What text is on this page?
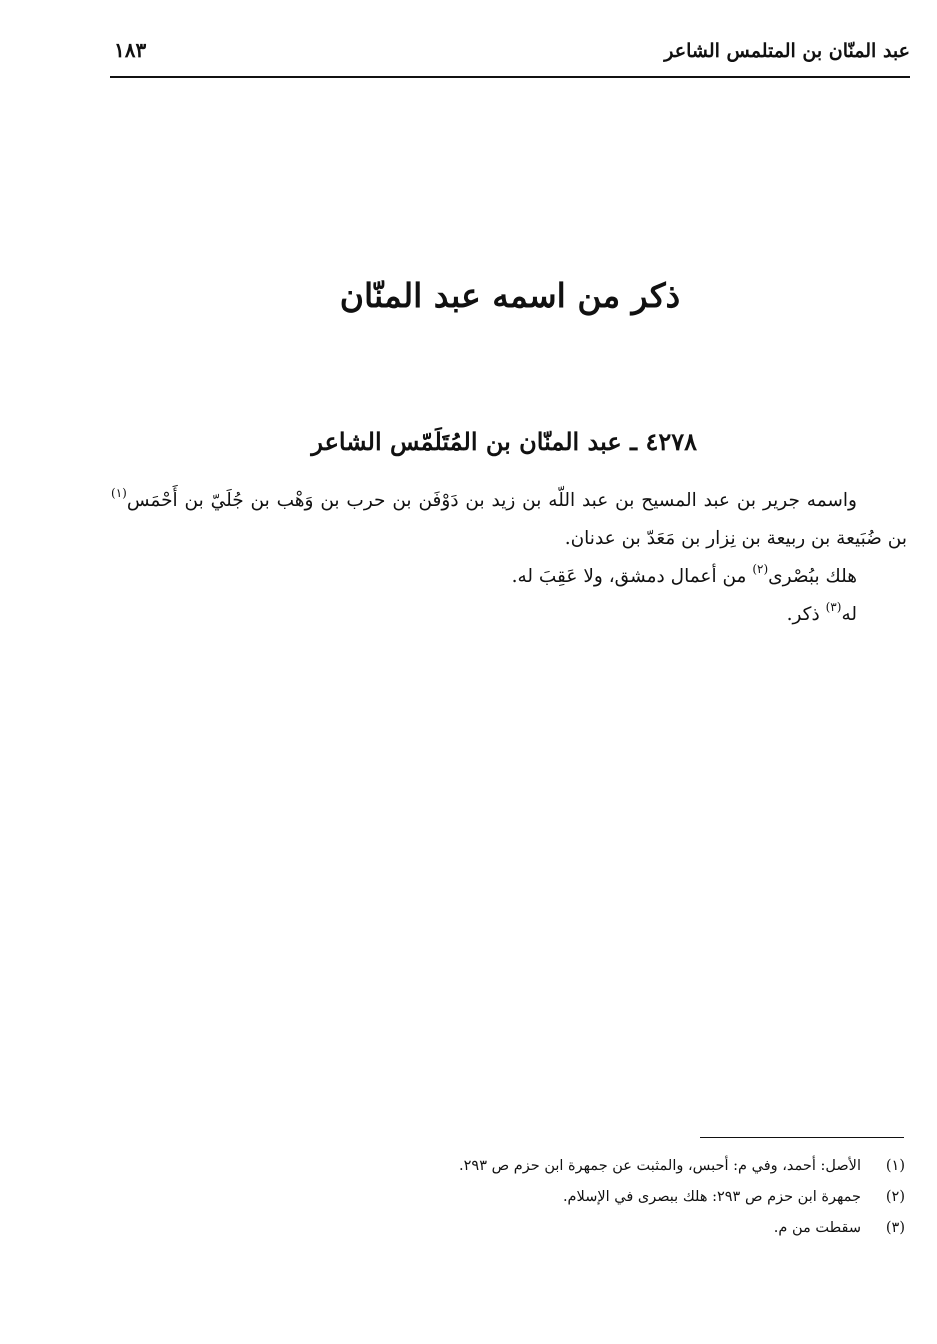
عبد المنّان بن المتلمس الشاعر
١٨٣
ذكر من اسمه عبد المنّان
٤٢٧٨ ـ عبد المنّان بن المُتَلَمّس الشاعر

واسمه جرير بن عبد المسيح بن عبد اللّه بن زيد بن دَوْفَن بن حرب بن وَهْب بن جُلَيّ بن أَحْمَس$^{(١)}$ بن ضُبَيعة بن ربيعة بن نِزار بن مَعَدّ بن عدنان.

هلك ببُصْرى$^{(٢)}$ من أعمال دمشق، ولا عَقِبَ له.

له$^{(٣)}$ ذكر.

(١)الأصل: أحمد، وفي م: أحبس، والمثبت عن جمهرة ابن حزم ص ٢٩٣.
(٢)جمهرة ابن حزم ص ٢٩٣: هلك ببصرى في الإسلام.
(٣)سقطت من م.
